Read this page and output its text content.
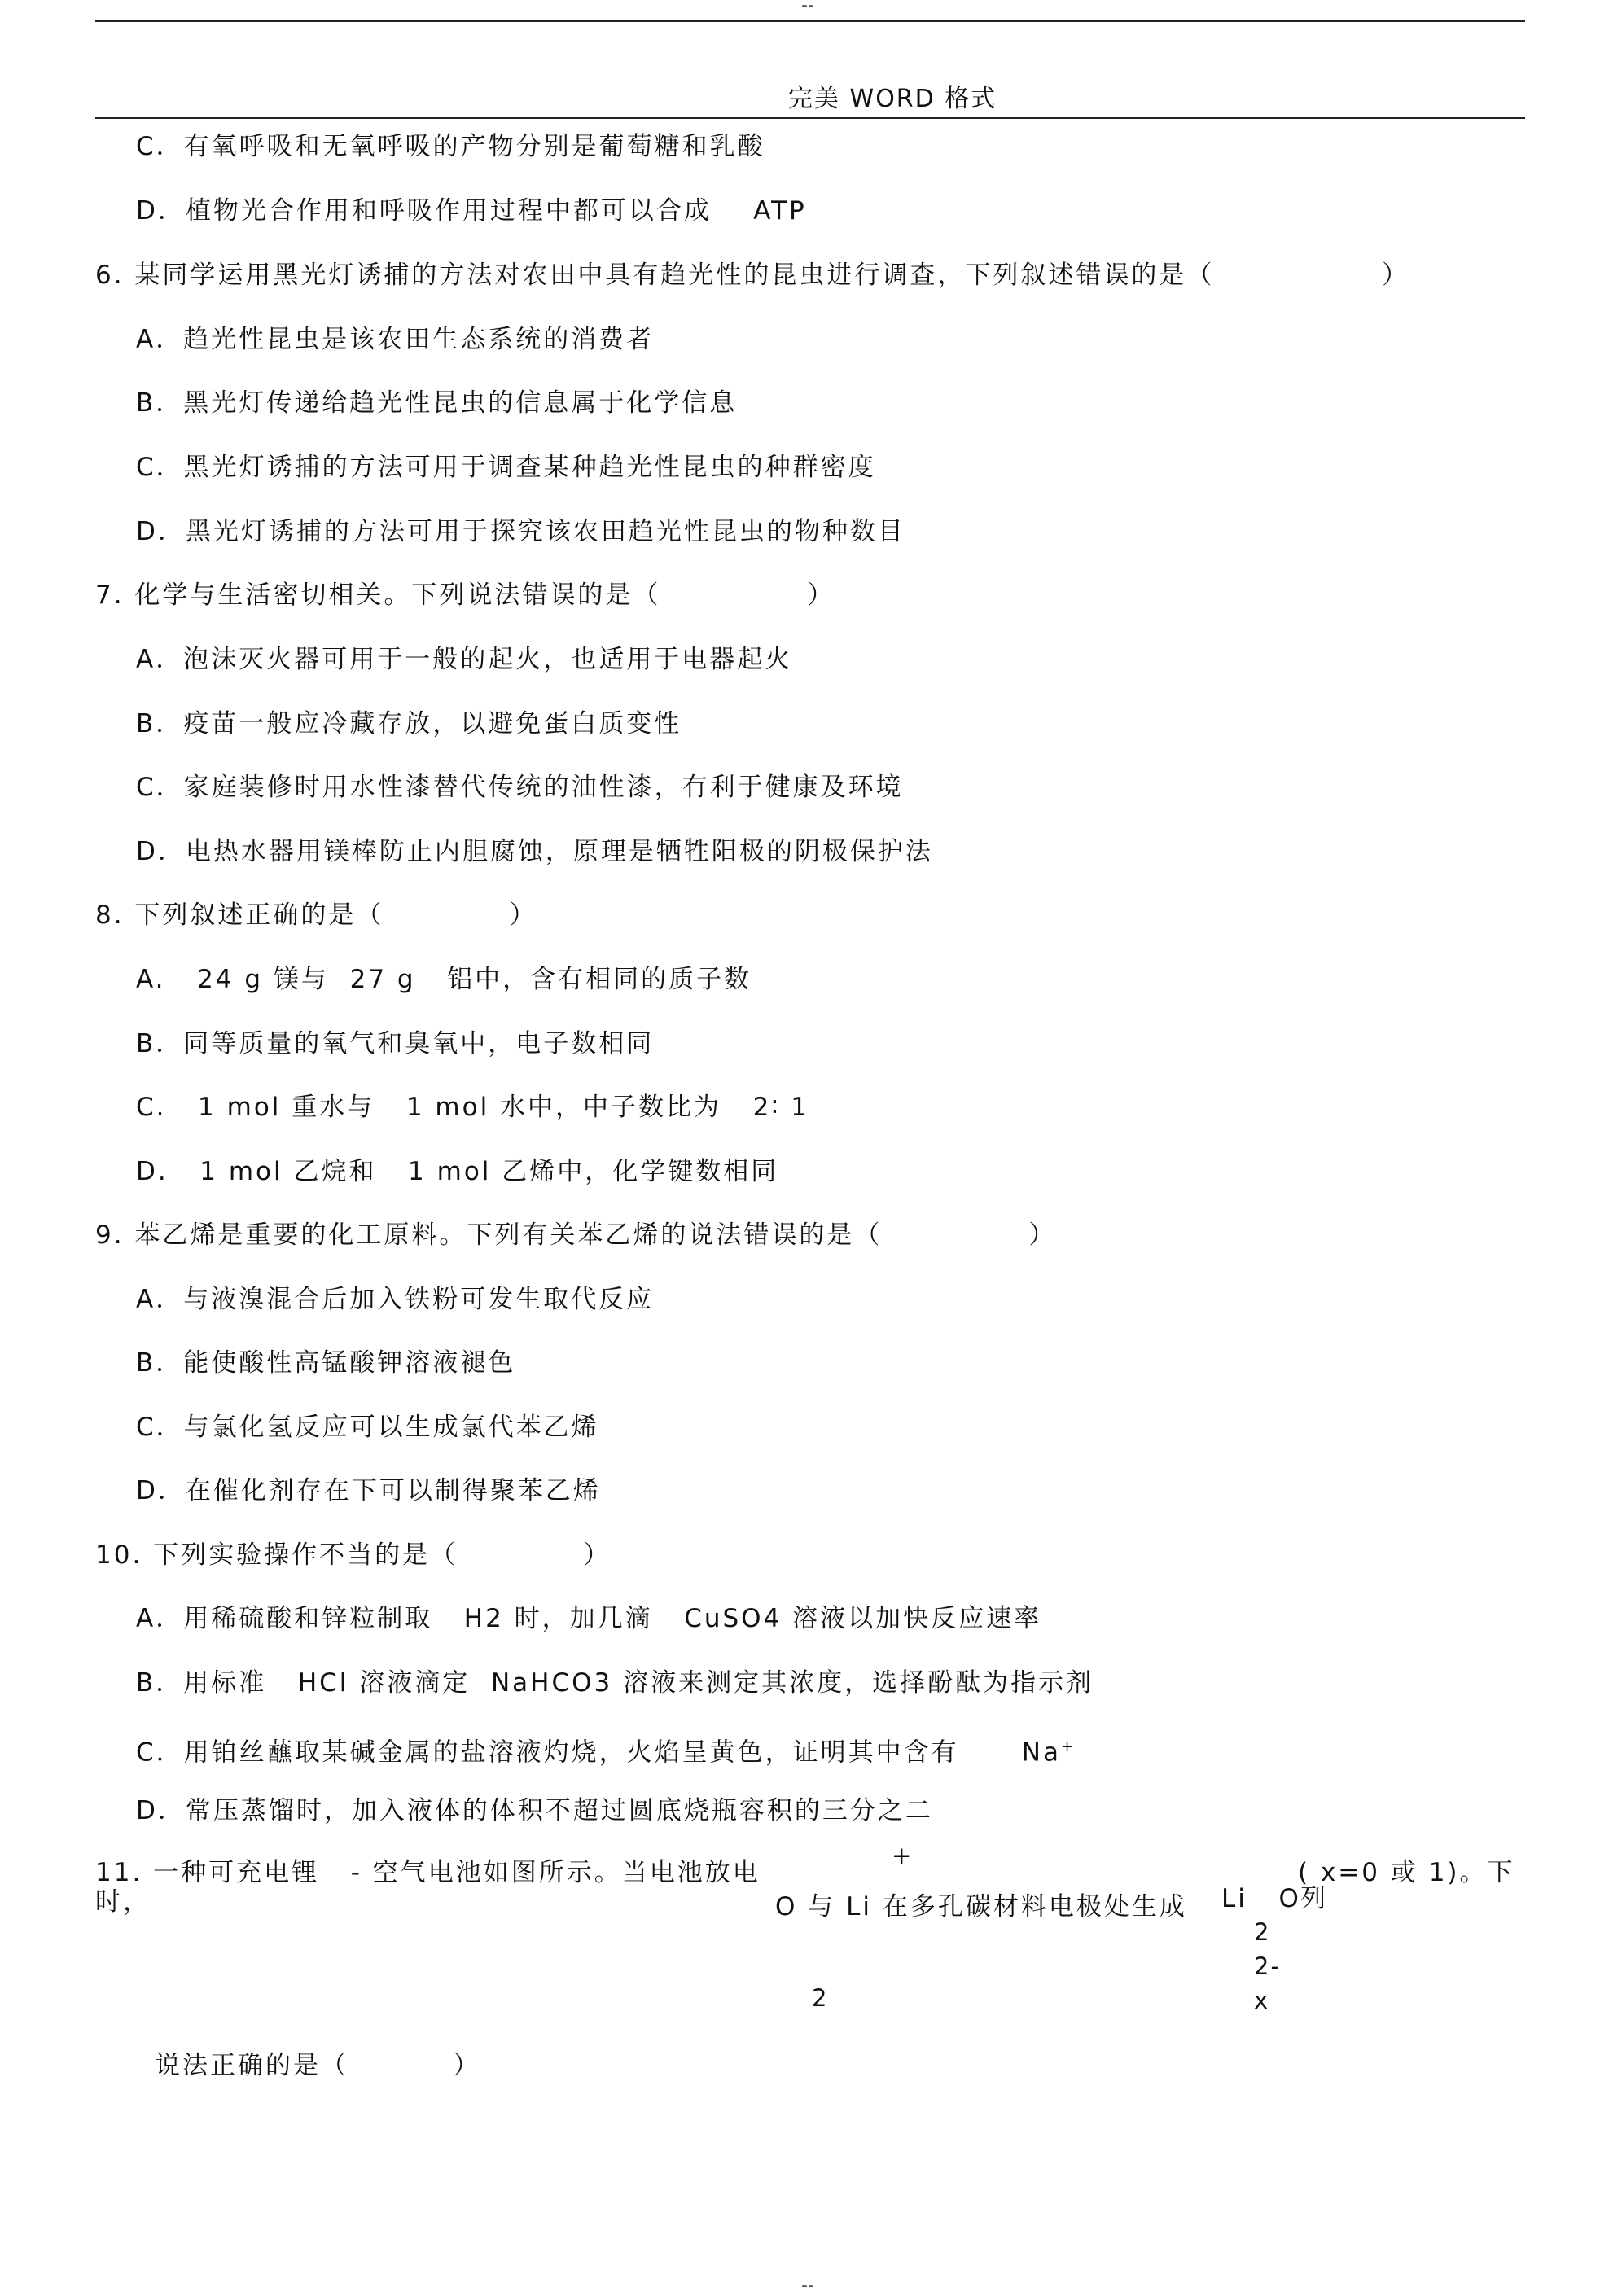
--
完美 WORD 格式
C．有氧呼吸和无氧呼吸的产物分别是葡萄糖和乳酸
D．植物光合作用和呼吸作用过程中都可以合成    ATP
6. 某同学运用黑光灯诱捕的方法对农田中具有趋光性的昆虫进行调查，下列叙述错误的是（                ）
A．趋光性昆虫是该农田生态系统的消费者
B．黑光灯传递给趋光性昆虫的信息属于化学信息
C．黑光灯诱捕的方法可用于调查某种趋光性昆虫的种群密度
D．黑光灯诱捕的方法可用于探究该农田趋光性昆虫的物种数目
7. 化学与生活密切相关。下列说法错误的是（              ）
A．泡沫灭火器可用于一般的起火，也适用于电器起火
B．疫苗一般应冷藏存放，以避免蛋白质变性
C．家庭装修时用水性漆替代传统的油性漆，有利于健康及环境
D．电热水器用镁棒防止内胆腐蚀，原理是牺牲阳极的阴极保护法
8. 下列叙述正确的是（            ）
A.   24 g 镁与  27 g   铝中，含有相同的质子数
B．同等质量的氧气和臭氧中，电子数相同
C.   1 mol 重水与   1 mol 水中，中子数比为   2∶ 1
D.   1 mol 乙烷和   1 mol 乙烯中，化学键数相同
9. 苯乙烯是重要的化工原料。下列有关苯乙烯的说法错误的是（              ）
A．与液溴混合后加入铁粉可发生取代反应
B．能使酸性高锰酸钾溶液褪色
C．与氯化氢反应可以生成氯代苯乙烯
D．在催化剂存在下可以制得聚苯乙烯
10. 下列实验操作不当的是（            ）
A．用稀硫酸和锌粒制取   H2 时，加几滴   CuSO4 溶液以加快反应速率
B．用标准   HCl 溶液滴定  NaHCO3 溶液来测定其浓度，选择酚酞为指示剂
C．用铂丝蘸取某碱金属的盐溶液灼烧，火焰呈黄色，证明其中含有      Na+
D．常压蒸馏时，加入液体的体积不超过圆底烧瓶容积的三分之二
11. 一种可充电锂   - 空气电池如图所示。当电池放电
+
( x=0 或 1)。下
时，	O 与 Li 在多孔碳材料电极处生成 Li   O 列
2
2-
x
2
说法正确的是（          ）
--
